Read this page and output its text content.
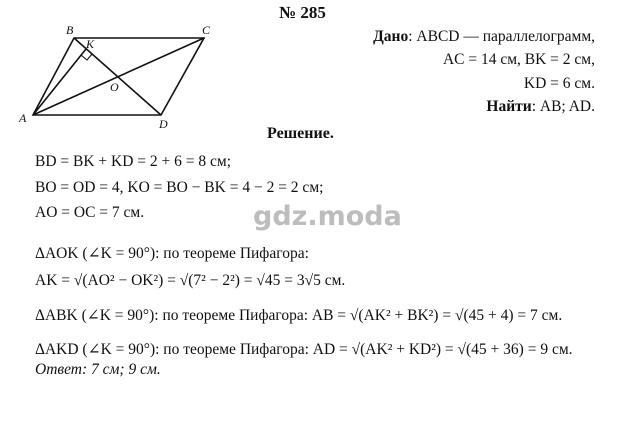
№ 285
A
B	C
D
K
O
Дано: ABCD — параллелограмм,
AC = 14 см, BK = 2 см,
KD = 6 см.
Найти: AB; AD.
Решение.
BD = BK + KD = 2 + 6 = 8 см;
BO = OD = 4, KO = BO − BK = 4 − 2 = 2 см;
AO = OC = 7 см.
ΔAOK (∠K = 90°): по теореме Пифагора:
AK = √(AO² − OK²) = √(7² − 2²) = √45 = 3√5 см.
ΔABK (∠K = 90°): по теореме Пифагора: AB = √(AK² + BK²) = √(45 + 4) = 7 см.
ΔAKD (∠K = 90°): по теореме Пифагора: AD = √(AK² + KD²) = √(45 + 36) = 9 см.
Ответ: 7 см; 9 см.
gdz.moda
